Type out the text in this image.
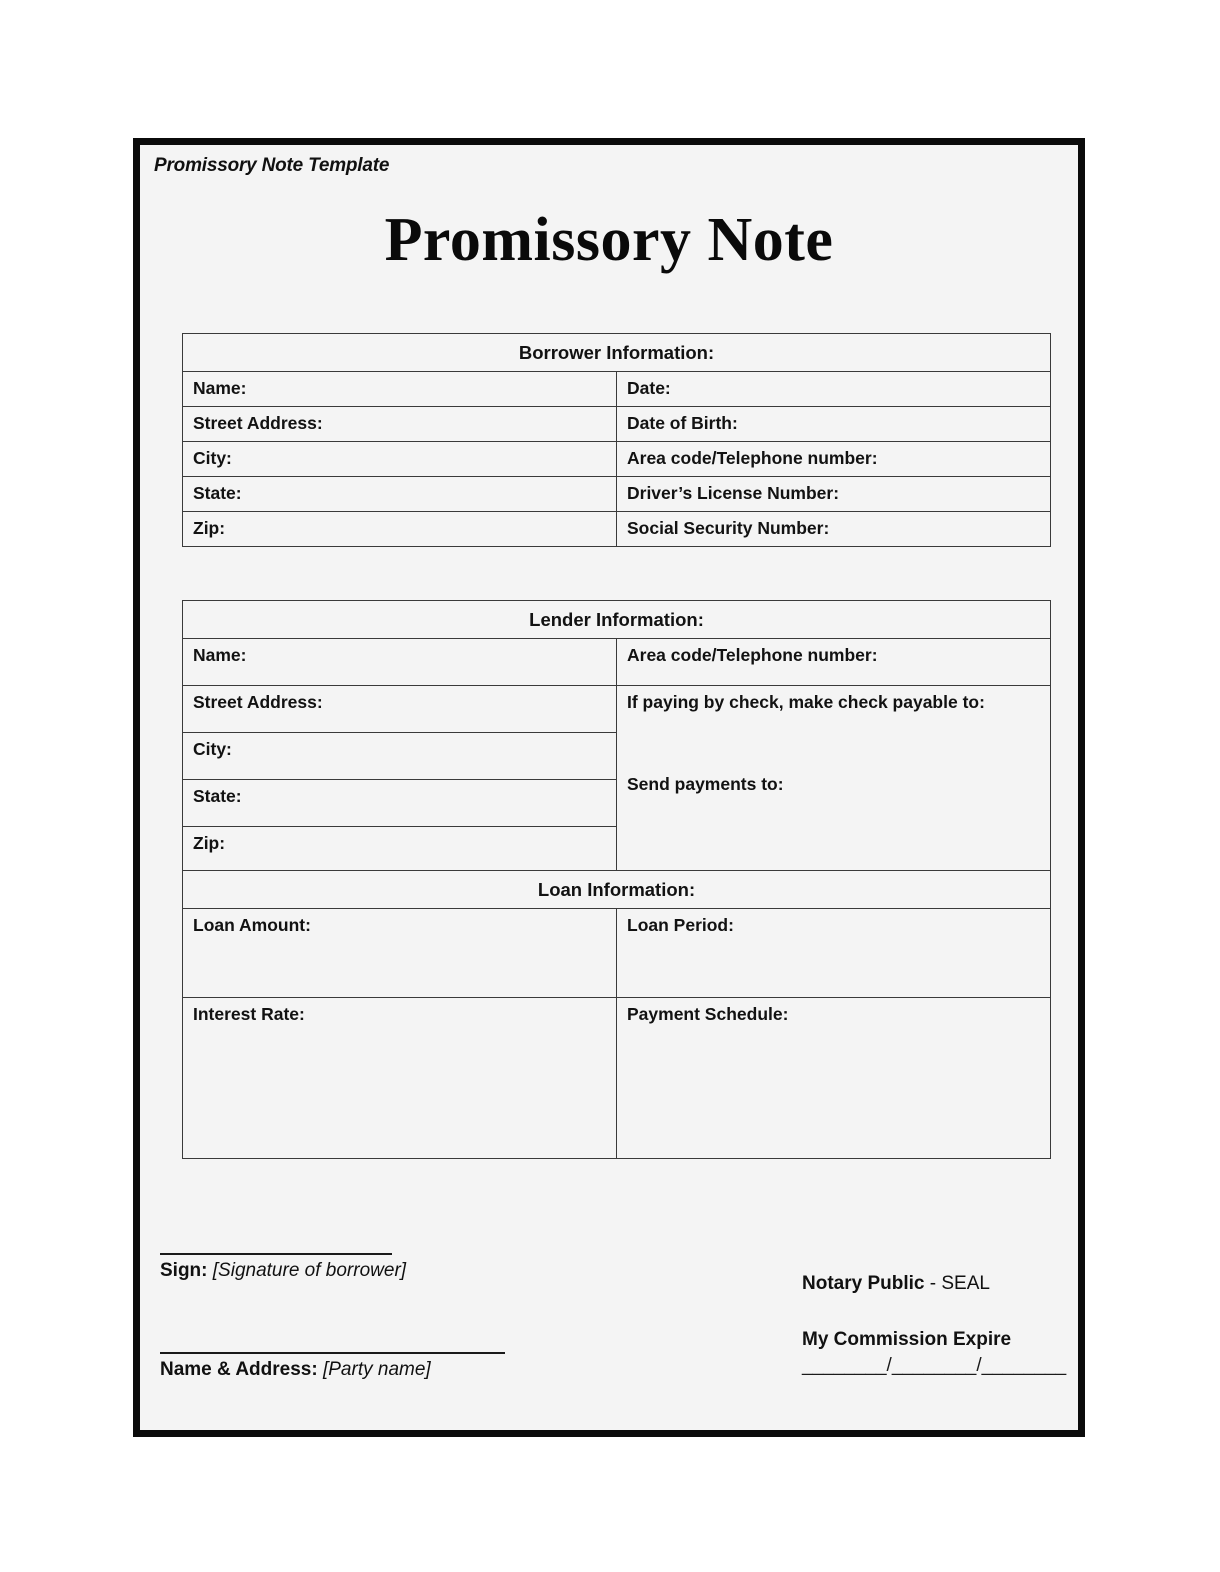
Promissory Note Template
Promissory Note
Borrower Information:	
Name:	Date:
Street Address:	Date of Birth:
City:	Area code/Telephone number:
State:	Driver’s License Number:
Zip:	Social Security Number:
Lender Information:	
Name:	Area code/Telephone number:
Street Address:	If paying by check, make check payable to:
Send payments to:
City:	
State:	
Zip:	
Loan Information:	
Loan Amount:	Loan Period:
Interest Rate:	Payment Schedule:
Sign: [Signature of borrower]
Name & Address: [Party name]
Notary Public - SEAL
My Commission Expire
________/________/________
